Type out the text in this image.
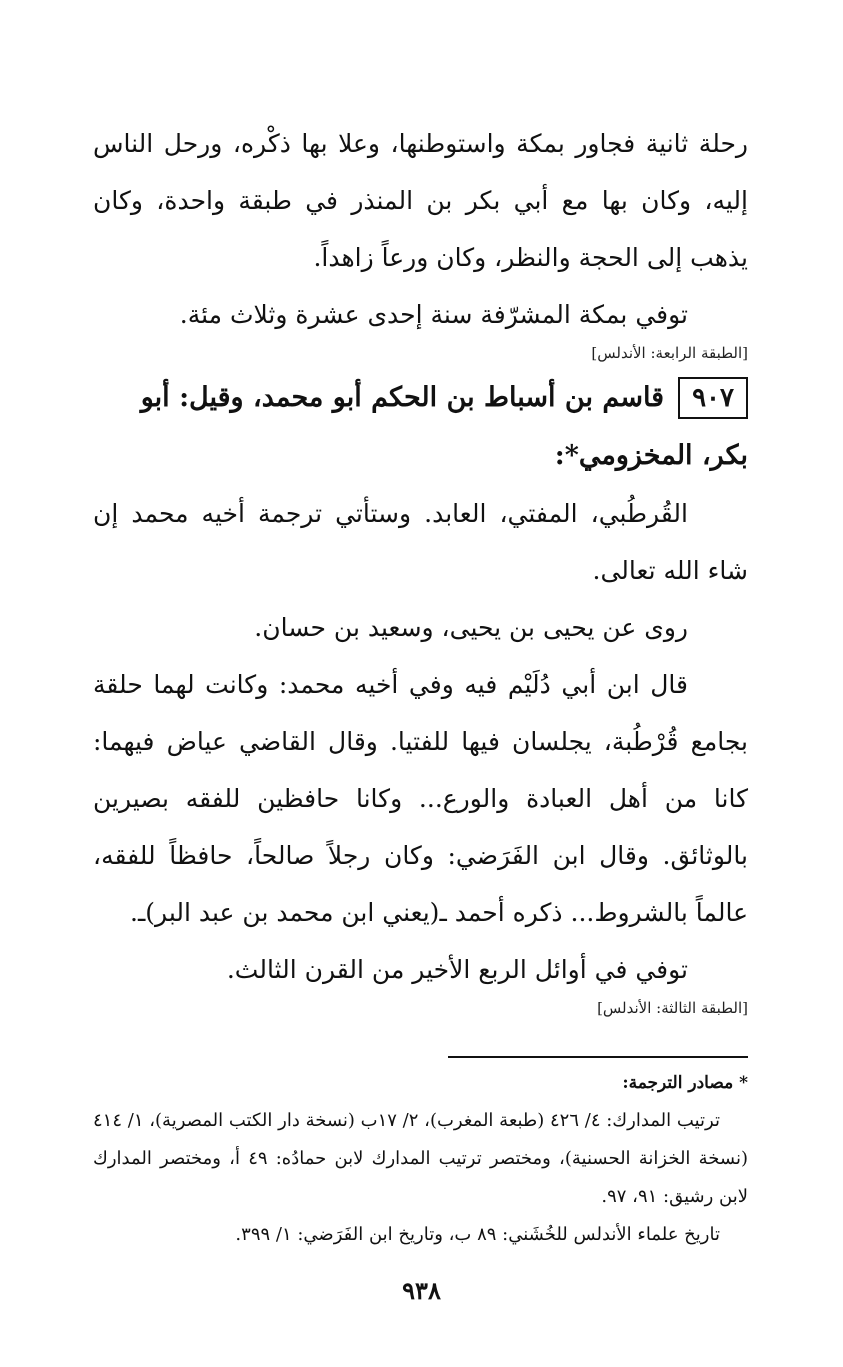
رحلة ثانية فجاور بمكة واستوطنها، وعلا بها ذكْره، ورحل الناس إليه، وكان بها مع أبي بكر بن المنذر في طبقة واحدة، وكان يذهب إلى الحجة والنظر، وكان ورعاً زاهداً.

توفي بمكة المشرّفة سنة إحدى عشرة وثلاث مئة.

[الطبقة الرابعة: الأندلس]

٩٠٧قاسم بن أسباط بن الحكم أبو محمد، وقيل: أبو بكر، المخزومي*:

القُرطُبي، المفتي، العابد. وستأتي ترجمة أخيه محمد إن شاء الله تعالى.

روى عن يحيى بن يحيى، وسعيد بن حسان.

قال ابن أبي دُلَيْم فيه وفي أخيه محمد: وكانت لهما حلقة بجامع قُرْطُبة، يجلسان فيها للفتيا. وقال القاضي عياض فيهما: كانا من أهل العبادة والورع... وكانا حافظين للفقه بصيرين بالوثائق. وقال ابن الفَرَضي: وكان رجلاً صالحاً، حافظاً للفقه، عالماً بالشروط... ذكره أحمد ـ(يعني ابن محمد بن عبد البر)ـ.

توفي في أوائل الربع الأخير من القرن الثالث.

[الطبقة الثالثة: الأندلس]

* مصادر الترجمة:

ترتيب المدارك: ٤/ ٤٢٦ (طبعة المغرب)، ٢/ ١٧ب (نسخة دار الكتب المصرية)، ١/ ٤١٤ (نسخة الخزانة الحسنية)، ومختصر ترتيب المدارك لابن حمادُه: ٤٩ أ، ومختصر المدارك لابن رشيق: ٩١، ٩٧.

تاريخ علماء الأندلس للخُشَني: ٨٩ ب، وتاريخ ابن الفَرَضي: ١/ ٣٩٩.

٩٣٨
